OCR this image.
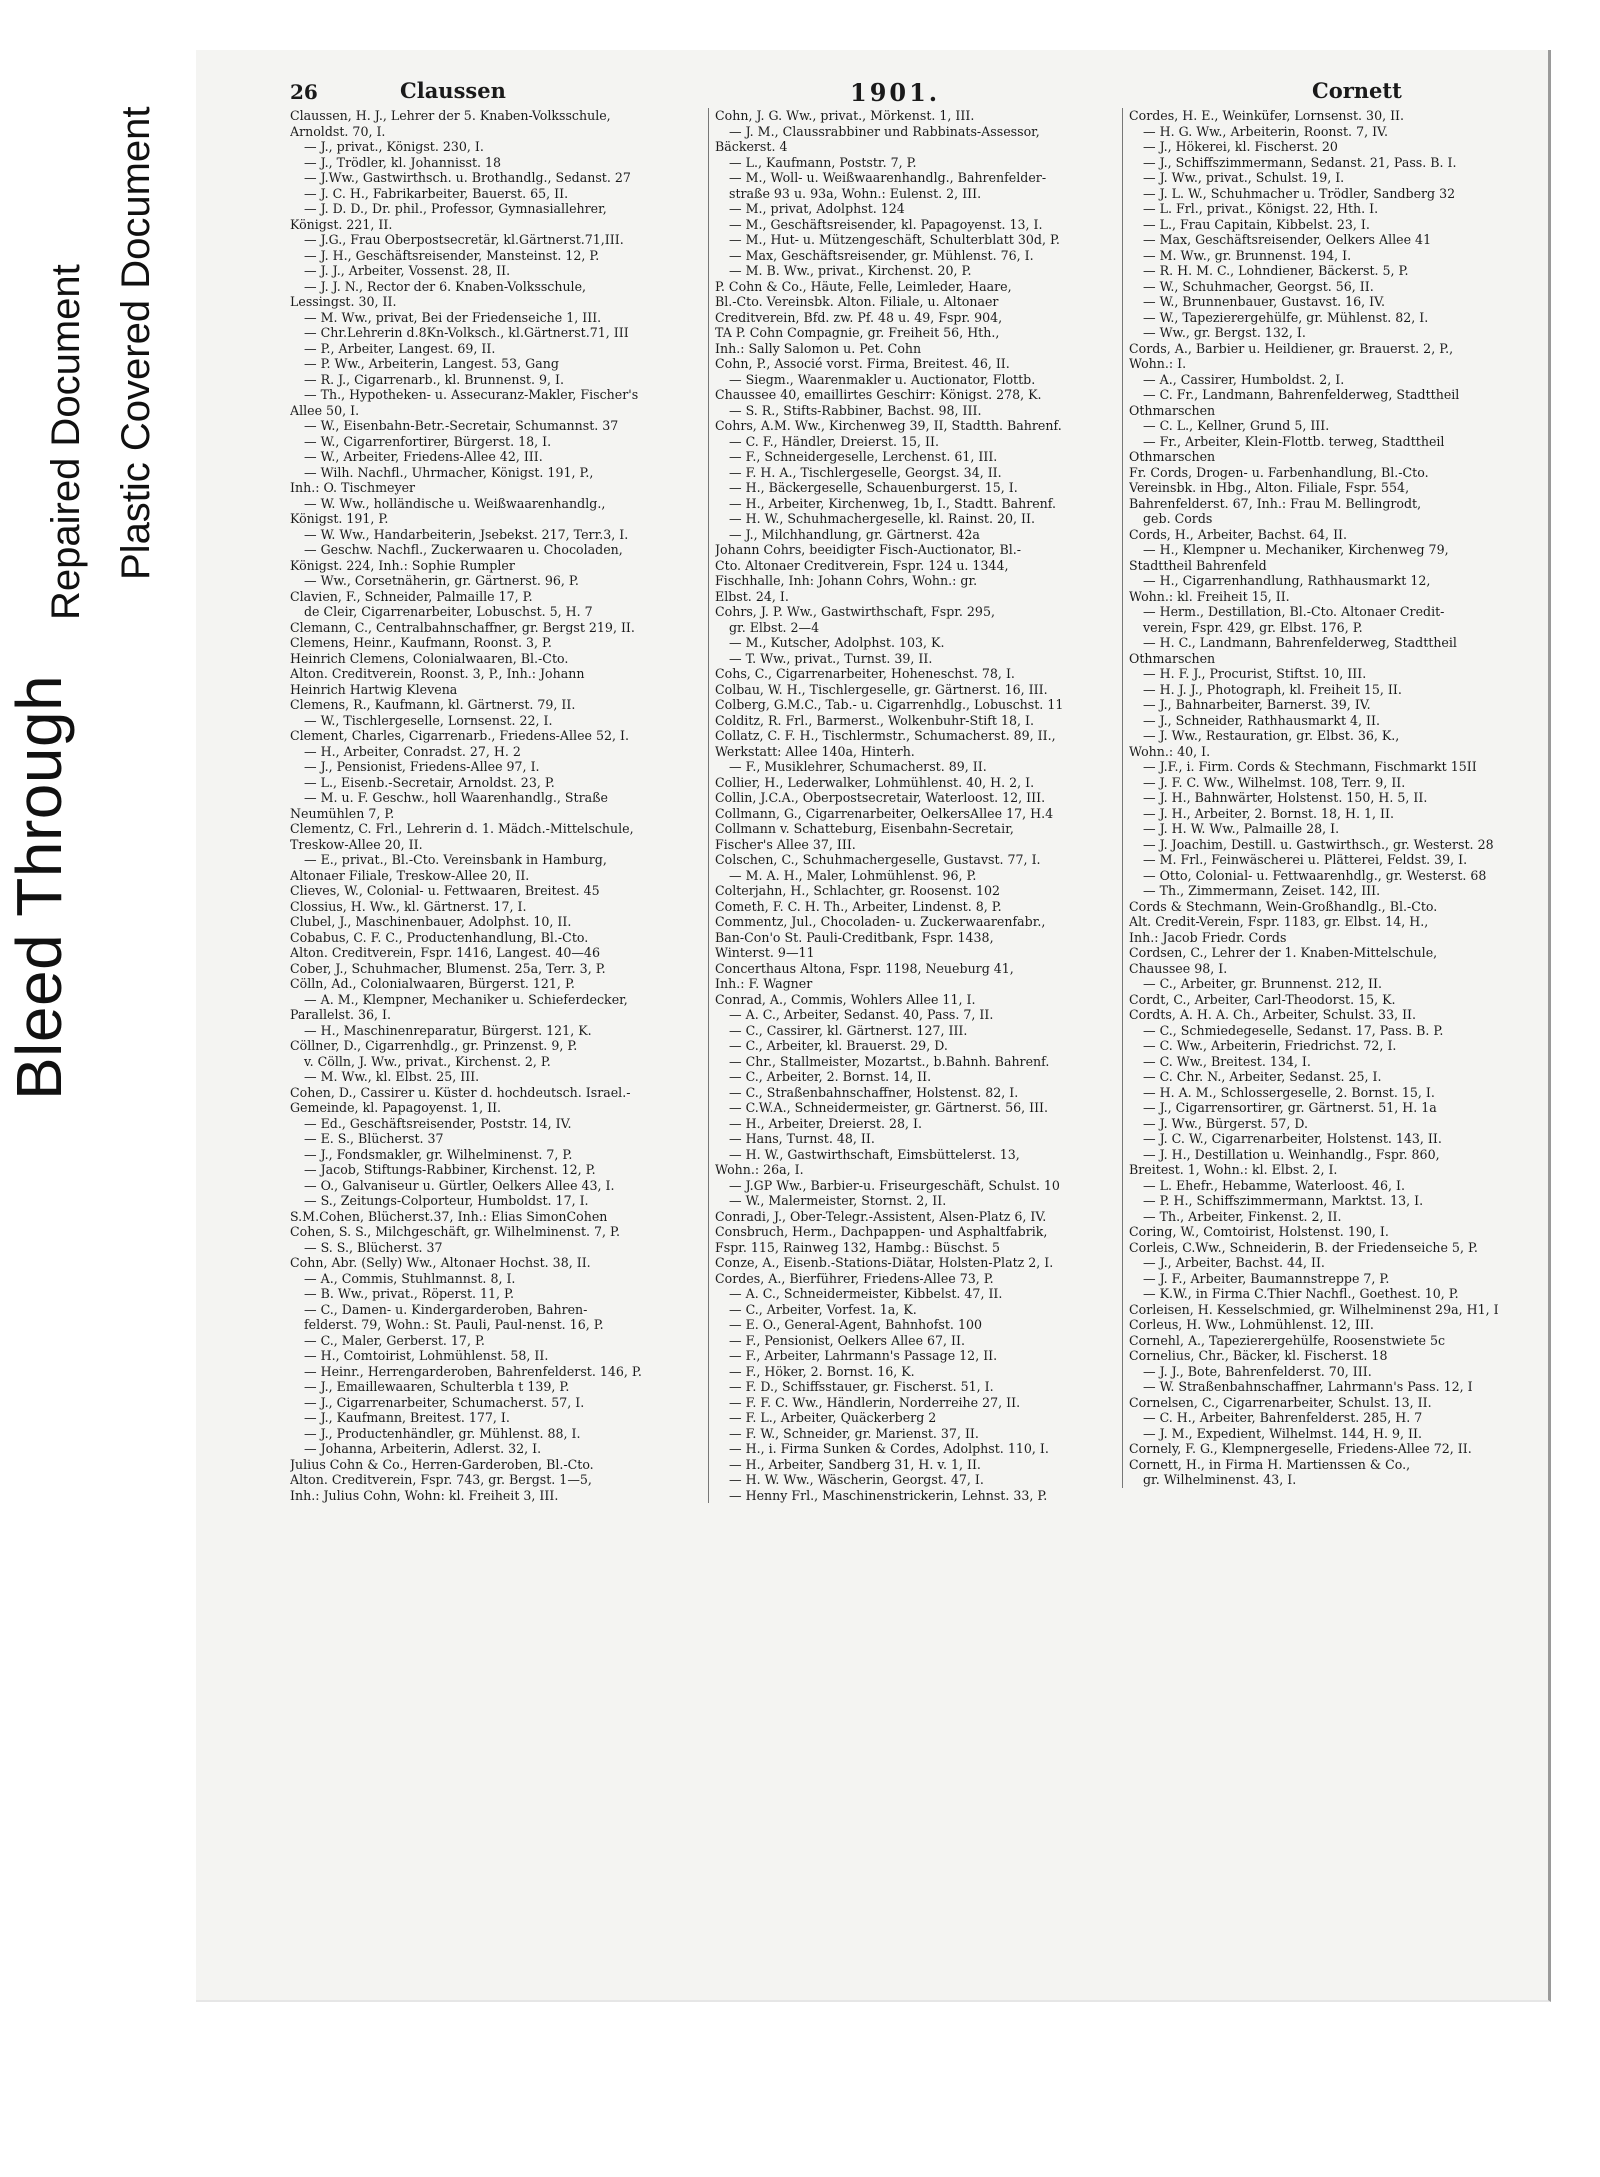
Bleed Through
Repaired Document Plastic Covered Document
26	Claussen	1901.	Cornett
Claussen, H. J., Lehrer der 5. Knaben-Volksschule,
Arnoldst. 70, I.
— J., privat., Königst. 230, I.
— J., Trödler, kl. Johannisst. 18
— J.Ww., Gastwirthsch. u. Brothandlg., Sedanst. 27
— J. C. H., Fabrikarbeiter, Bauerst. 65, II.
— J. D. D., Dr. phil., Professor, Gymnasiallehrer,
Königst. 221, II.
— J.G., Frau Oberpostsecretär, kl.Gärtnerst.71,III.
— J. H., Geschäftsreisender, Mansteinst. 12, P.
— J. J., Arbeiter, Vossenst. 28, II.
— J. J. N., Rector der 6. Knaben-Volksschule,
Lessingst. 30, II.
— M. Ww., privat, Bei der Friedenseiche 1, III.
— Chr.Lehrerin d.8Kn-Volksch., kl.Gärtnerst.71, III
— P., Arbeiter, Langest. 69, II.
— P. Ww., Arbeiterin, Langest. 53, Gang
— R. J., Cigarrenarb., kl. Brunnenst. 9, I.
— Th., Hypotheken- u. Assecuranz-Makler, Fischer's
Allee 50, I.
— W., Eisenbahn-Betr.-Secretair, Schumannst. 37
— W., Cigarrenfortirer, Bürgerst. 18, I.
— W., Arbeiter, Friedens-Allee 42, III.
— Wilh. Nachfl., Uhrmacher, Königst. 191, P.,
Inh.: O. Tischmeyer
— W. Ww., holländische u. Weißwaarenhandlg.,
Königst. 191, P.
— W. Ww., Handarbeiterin, Jsebekst. 217, Terr.3, I.
— Geschw. Nachfl., Zuckerwaaren u. Chocoladen,
Königst. 224, Inh.: Sophie Rumpler
— Ww., Corsetnäherin, gr. Gärtnerst. 96, P.
Clavien, F., Schneider, Palmaille 17, P.
de Cleir, Cigarrenarbeiter, Lobuschst. 5, H. 7
Clemann, C., Centralbahnschaffner, gr. Bergst 219, II.
Clemens, Heinr., Kaufmann, Roonst. 3, P.
Heinrich Clemens, Colonialwaaren, Bl.-Cto.
Alton. Creditverein, Roonst. 3, P., Inh.: Johann
Heinrich Hartwig Klevena
Clemens, R., Kaufmann, kl. Gärtnerst. 79, II.
— W., Tischlergeselle, Lornsenst. 22, I.
Clement, Charles, Cigarrenarb., Friedens-Allee 52, I.
— H., Arbeiter, Conradst. 27, H. 2
— J., Pensionist, Friedens-Allee 97, I.
— L., Eisenb.-Secretair, Arnoldst. 23, P.
— M. u. F. Geschw., holl Waarenhandlg., Straße
Neumühlen 7, P.
Clementz, C. Frl., Lehrerin d. 1. Mädch.-Mittelschule,
Treskow-Allee 20, II.
— E., privat., Bl.-Cto. Vereinsbank in Hamburg,
Altonaer Filiale, Treskow-Allee 20, II.
Clieves, W., Colonial- u. Fettwaaren, Breitest. 45
Clossius, H. Ww., kl. Gärtnerst. 17, I.
Clubel, J., Maschinenbauer, Adolphst. 10, II.
Cobabus, C. F. C., Productenhandlung, Bl.-Cto.
Alton. Creditverein, Fspr. 1416, Langest. 40—46
Cober, J., Schuhmacher, Blumenst. 25a, Terr. 3, P.
Cölln, Ad., Colonialwaaren, Bürgerst. 121, P.
— A. M., Klempner, Mechaniker u. Schieferdecker,
Parallelst. 36, I.
— H., Maschinenreparatur, Bürgerst. 121, K.
Cöllner, D., Cigarrenhdlg., gr. Prinzenst. 9, P.
v. Cölln, J. Ww., privat., Kirchenst. 2, P.
— M. Ww., kl. Elbst. 25, III.
Cohen, D., Cassirer u. Küster d. hochdeutsch. Israel.-
Gemeinde, kl. Papagoyenst. 1, II.
— Ed., Geschäftsreisender, Poststr. 14, IV.
— E. S., Blücherst. 37
— J., Fondsmakler, gr. Wilhelminenst. 7, P.
— Jacob, Stiftungs-Rabbiner, Kirchenst. 12, P.
— O., Galvaniseur u. Gürtler, Oelkers Allee 43, I.
— S., Zeitungs-Colporteur, Humboldst. 17, I.
S.M.Cohen, Blücherst.37, Inh.: Elias SimonCohen
Cohen, S. S., Milchgeschäft, gr. Wilhelminenst. 7, P.
— S. S., Blücherst. 37
Cohn, Abr. (Selly) Ww., Altonaer Hochst. 38, II.
— A., Commis, Stuhlmannst. 8, I.
— B. Ww., privat., Röperst. 11, P.
— C., Damen- u. Kindergarderoben, Bahren-
felderst. 79, Wohn.: St. Pauli, Paul-nenst. 16, P.
— C., Maler, Gerberst. 17, P.
— H., Comtoirist, Lohmühlenst. 58, II.
— Heinr., Herrengarderoben, Bahrenfelderst. 146, P.
— J., Emaillewaaren, Schulterbla t 139, P.
— J., Cigarrenarbeiter, Schumacherst. 57, I.
— J., Kaufmann, Breitest. 177, I.
— J., Productenhändler, gr. Mühlenst. 88, I.
— Johanna, Arbeiterin, Adlerst. 32, I.
Julius Cohn & Co., Herren-Garderoben, Bl.-Cto.
Alton. Creditverein, Fspr. 743, gr. Bergst. 1—5,
Inh.: Julius Cohn, Wohn: kl. Freiheit 3, III.
Cohn, J. G. Ww., privat., Mörkenst. 1, III.
— J. M., Claussrabbiner und Rabbinats-Assessor,
Bäckerst. 4
— L., Kaufmann, Poststr. 7, P.
— M., Woll- u. Weißwaarenhandlg., Bahrenfelder-
straße 93 u. 93a, Wohn.: Eulenst. 2, III.
— M., privat, Adolphst. 124
— M., Geschäftsreisender, kl. Papagoyenst. 13, I.
— M., Hut- u. Mützengeschäft, Schulterblatt 30d, P.
— Max, Geschäftsreisender, gr. Mühlenst. 76, I.
— M. B. Ww., privat., Kirchenst. 20, P.
P. Cohn & Co., Häute, Felle, Leimleder, Haare,
Bl.-Cto. Vereinsbk. Alton. Filiale, u. Altonaer
Creditverein, Bfd. zw. Pf. 48 u. 49, Fspr. 904,
TA P. Cohn Compagnie, gr. Freiheit 56, Hth.,
Inh.: Sally Salomon u. Pet. Cohn
Cohn, P., Associé vorst. Firma, Breitest. 46, II.
— Siegm., Waarenmakler u. Auctionator, Flottb.
Chaussee 40, emaillirtes Geschirr: Königst. 278, K.
— S. R., Stifts-Rabbiner, Bachst. 98, III.
Cohrs, A.M. Ww., Kirchenweg 39, II, Stadtth. Bahrenf.
— C. F., Händler, Dreierst. 15, II.
— F., Schneidergeselle, Lerchenst. 61, III.
— F. H. A., Tischlergeselle, Georgst. 34, II.
— H., Bäckergeselle, Schauenburgerst. 15, I.
— H., Arbeiter, Kirchenweg, 1b, I., Stadtt. Bahrenf.
— H. W., Schuhmachergeselle, kl. Rainst. 20, II.
— J., Milchhandlung, gr. Gärtnerst. 42a
Johann Cohrs, beeidigter Fisch-Auctionator, Bl.-
Cto. Altonaer Creditverein, Fspr. 124 u. 1344,
Fischhalle, Inh: Johann Cohrs, Wohn.: gr.
Elbst. 24, I.
Cohrs, J. P. Ww., Gastwirthschaft, Fspr. 295,
gr. Elbst. 2—4
— M., Kutscher, Adolphst. 103, K.
— T. Ww., privat., Turnst. 39, II.
Cohs, C., Cigarrenarbeiter, Hoheneschst. 78, I.
Colbau, W. H., Tischlergeselle, gr. Gärtnerst. 16, III.
Colberg, G.M.C., Tab.- u. Cigarrenhdlg., Lobuschst. 11
Colditz, R. Frl., Barmerst., Wolkenbuhr-Stift 18, I.
Collatz, C. F. H., Tischlermstr., Schumacherst. 89, II.,
Werkstatt: Allee 140a, Hinterh.
— F., Musiklehrer, Schumacherst. 89, II.
Collier, H., Lederwalker, Lohmühlenst. 40, H. 2, I.
Collin, J.C.A., Oberpostsecretair, Waterloost. 12, III.
Collmann, G., Cigarrenarbeiter, OelkersAllee 17, H.4
Collmann v. Schatteburg, Eisenbahn-Secretair,
Fischer's Allee 37, III.
Colschen, C., Schuhmachergeselle, Gustavst. 77, I.
— M. A. H., Maler, Lohmühlenst. 96, P.
Colterjahn, H., Schlachter, gr. Roosenst. 102
Cometh, F. C. H. Th., Arbeiter, Lindenst. 8, P.
Commentz, Jul., Chocoladen- u. Zuckerwaarenfabr.,
Ban-Con'o St. Pauli-Creditbank, Fspr. 1438,
Winterst. 9—11
Concerthaus Altona, Fspr. 1198, Neueburg 41,
Inh.: F. Wagner
Conrad, A., Commis, Wohlers Allee 11, I.
— A. C., Arbeiter, Sedanst. 40, Pass. 7, II.
— C., Cassirer, kl. Gärtnerst. 127, III.
— C., Arbeiter, kl. Brauerst. 29, D.
— Chr., Stallmeister, Mozartst., b.Bahnh. Bahrenf.
— C., Arbeiter, 2. Bornst. 14, II.
— C., Straßenbahnschaffner, Holstenst. 82, I.
— C.W.A., Schneidermeister, gr. Gärtnerst. 56, III.
— H., Arbeiter, Dreierst. 28, I.
— Hans, Turnst. 48, II.
— H. W., Gastwirthschaft, Eimsbüttelerst. 13,
Wohn.: 26a, I.
— J.GP Ww., Barbier-u. Friseurgeschäft, Schulst. 10
— W., Malermeister, Stornst. 2, II.
Conradi, J., Ober-Telegr.-Assistent, Alsen-Platz 6, IV.
Consbruch, Herm., Dachpappen- und Asphaltfabrik,
Fspr. 115, Rainweg 132, Hambg.: Büschst. 5
Conze, A., Eisenb.-Stations-Diätar, Holsten-Platz 2, I.
Cordes, A., Bierführer, Friedens-Allee 73, P.
— A. C., Schneidermeister, Kibbelst. 47, II.
— C., Arbeiter, Vorfest. 1a, K.
— E. O., General-Agent, Bahnhofst. 100
— F., Pensionist, Oelkers Allee 67, II.
— F., Arbeiter, Lahrmann's Passage 12, II.
— F., Höker, 2. Bornst. 16, K.
— F. D., Schiffsstauer, gr. Fischerst. 51, I.
— F. F. C. Ww., Händlerin, Norderreihe 27, II.
— F. L., Arbeiter, Quäckerberg 2
— F. W., Schneider, gr. Marienst. 37, II.
— H., i. Firma Sunken & Cordes, Adolphst. 110, I.
— H., Arbeiter, Sandberg 31, H. v. 1, II.
— H. W. Ww., Wäscherin, Georgst. 47, I.
— Henny Frl., Maschinenstrickerin, Lehnst. 33, P.
Cordes, H. E., Weinküfer, Lornsenst. 30, II.
— H. G. Ww., Arbeiterin, Roonst. 7, IV.
— J., Hökerei, kl. Fischerst. 20
— J., Schiffszimmermann, Sedanst. 21, Pass. B. I.
— J. Ww., privat., Schulst. 19, I.
— J. L. W., Schuhmacher u. Trödler, Sandberg 32
— L. Frl., privat., Königst. 22, Hth. I.
— L., Frau Capitain, Kibbelst. 23, I.
— Max, Geschäftsreisender, Oelkers Allee 41
— M. Ww., gr. Brunnenst. 194, I.
— R. H. M. C., Lohndiener, Bäckerst. 5, P.
— W., Schuhmacher, Georgst. 56, II.
— W., Brunnenbauer, Gustavst. 16, IV.
— W., Tapezierergehülfe, gr. Mühlenst. 82, I.
— Ww., gr. Bergst. 132, I.
Cords, A., Barbier u. Heildiener, gr. Brauerst. 2, P.,
Wohn.: I.
— A., Cassirer, Humboldst. 2, I.
— C. Fr., Landmann, Bahrenfelderweg, Stadttheil
Othmarschen
— C. L., Kellner, Grund 5, III.
— Fr., Arbeiter, Klein-Flottb. terweg, Stadttheil
Othmarschen
Fr. Cords, Drogen- u. Farbenhandlung, Bl.-Cto.
Vereinsbk. in Hbg., Alton. Filiale, Fspr. 554,
Bahrenfelderst. 67, Inh.: Frau M. Bellingrodt,
geb. Cords
Cords, H., Arbeiter, Bachst. 64, II.
— H., Klempner u. Mechaniker, Kirchenweg 79,
Stadttheil Bahrenfeld
— H., Cigarrenhandlung, Rathhausmarkt 12,
Wohn.: kl. Freiheit 15, II.
— Herm., Destillation, Bl.-Cto. Altonaer Credit-
verein, Fspr. 429, gr. Elbst. 176, P.
— H. C., Landmann, Bahrenfelderweg, Stadttheil
Othmarschen
— H. F. J., Procurist, Stiftst. 10, III.
— H. J. J., Photograph, kl. Freiheit 15, II.
— J., Bahnarbeiter, Barnerst. 39, IV.
— J., Schneider, Rathhausmarkt 4, II.
— J. Ww., Restauration, gr. Elbst. 36, K.,
Wohn.: 40, I.
— J.F., i. Firm. Cords & Stechmann, Fischmarkt 15II
— J. F. C. Ww., Wilhelmst. 108, Terr. 9, II.
— J. H., Bahnwärter, Holstenst. 150, H. 5, II.
— J. H., Arbeiter, 2. Bornst. 18, H. 1, II.
— J. H. W. Ww., Palmaille 28, I.
— J. Joachim, Destill. u. Gastwirthsch., gr. Westerst. 28
— M. Frl., Feinwäscherei u. Plätterei, Feldst. 39, I.
— Otto, Colonial- u. Fettwaarenhdlg., gr. Westerst. 68
— Th., Zimmermann, Zeiset. 142, III.
Cords & Stechmann, Wein-Großhandlg., Bl.-Cto.
Alt. Credit-Verein, Fspr. 1183, gr. Elbst. 14, H.,
Inh.: Jacob Friedr. Cords
Cordsen, C., Lehrer der 1. Knaben-Mittelschule,
Chaussee 98, I.
— C., Arbeiter, gr. Brunnenst. 212, II.
Cordt, C., Arbeiter, Carl-Theodorst. 15, K.
Cordts, A. H. A. Ch., Arbeiter, Schulst. 33, II.
— C., Schmiedegeselle, Sedanst. 17, Pass. B. P.
— C. Ww., Arbeiterin, Friedrichst. 72, I.
— C. Ww., Breitest. 134, I.
— C. Chr. N., Arbeiter, Sedanst. 25, I.
— H. A. M., Schlossergeselle, 2. Bornst. 15, I.
— J., Cigarrensortirer, gr. Gärtnerst. 51, H. 1a
— J. Ww., Bürgerst. 57, D.
— J. C. W., Cigarrenarbeiter, Holstenst. 143, II.
— J. H., Destillation u. Weinhandlg., Fspr. 860,
Breitest. 1, Wohn.: kl. Elbst. 2, I.
— L. Ehefr., Hebamme, Waterloost. 46, I.
— P. H., Schiffszimmermann, Marktst. 13, I.
— Th., Arbeiter, Finkenst. 2, II.
Coring, W., Comtoirist, Holstenst. 190, I.
Corleis, C.Ww., Schneiderin, B. der Friedenseiche 5, P.
— J., Arbeiter, Bachst. 44, II.
— J. F., Arbeiter, Baumannstreppe 7, P.
— K.W., in Firma C.Thier Nachfl., Goethest. 10, P.
Corleisen, H. Kesselschmied, gr. Wilhelminenst 29a, H1, I
Corleus, H. Ww., Lohmühlenst. 12, III.
Cornehl, A., Tapezierergehülfe, Roosenstwiete 5c
Cornelius, Chr., Bäcker, kl. Fischerst. 18
— J. J., Bote, Bahrenfelderst. 70, III.
— W. Straßenbahnschaffner, Lahrmann's Pass. 12, I
Cornelsen, C., Cigarrenarbeiter, Schulst. 13, II.
— C. H., Arbeiter, Bahrenfelderst. 285, H. 7
— J. M., Expedient, Wilhelmst. 144, H. 9, II.
Cornely, F. G., Klempnergeselle, Friedens-Allee 72, II.
Cornett, H., in Firma H. Martienssen & Co.,
gr. Wilhelminenst. 43, I.
